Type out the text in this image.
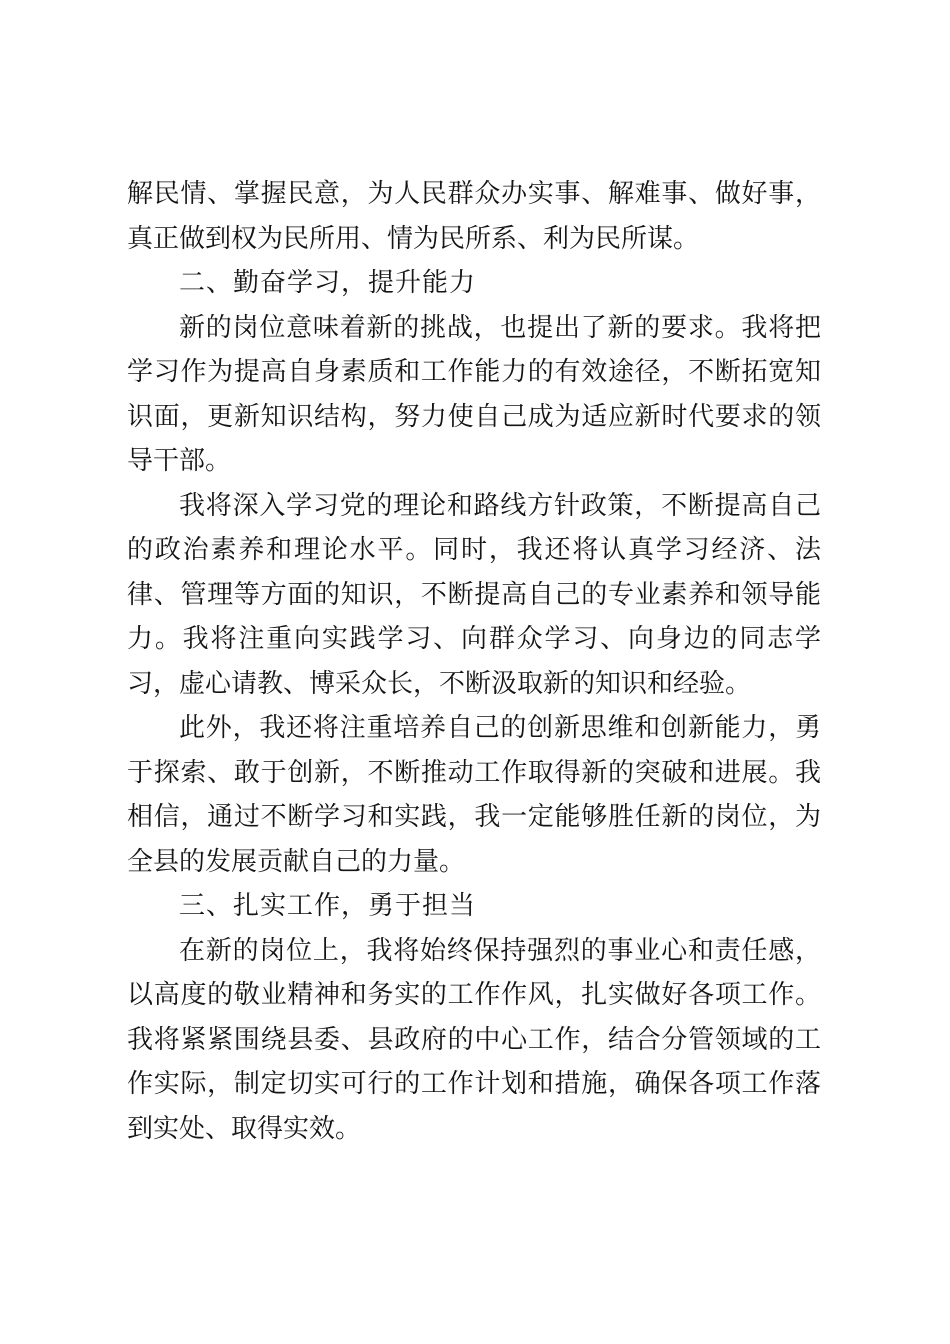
解民情、掌握民意，为人民群众办实事、解难事、做好事，真正做到权为民所用、情为民所系、利为民所谋。

二、勤奋学习，提升能力

新的岗位意味着新的挑战，也提出了新的要求。我将把学习作为提高自身素质和工作能力的有效途径，不断拓宽知识面，更新知识结构，努力使自己成为适应新时代要求的领导干部。

我将深入学习党的理论和路线方针政策，不断提高自己的政治素养和理论水平。同时，我还将认真学习经济、法律、管理等方面的知识，不断提高自己的专业素养和领导能力。我将注重向实践学习、向群众学习、向身边的同志学习，虚心请教、博采众长，不断汲取新的知识和经验。

此外，我还将注重培养自己的创新思维和创新能力，勇于探索、敢于创新，不断推动工作取得新的突破和进展。我相信，通过不断学习和实践，我一定能够胜任新的岗位，为全县的发展贡献自己的力量。

三、扎实工作，勇于担当

在新的岗位上，我将始终保持强烈的事业心和责任感，以高度的敬业精神和务实的工作作风，扎实做好各项工作。我将紧紧围绕县委、县政府的中心工作，结合分管领域的工作实际，制定切实可行的工作计划和措施，确保各项工作落到实处、取得实效。
